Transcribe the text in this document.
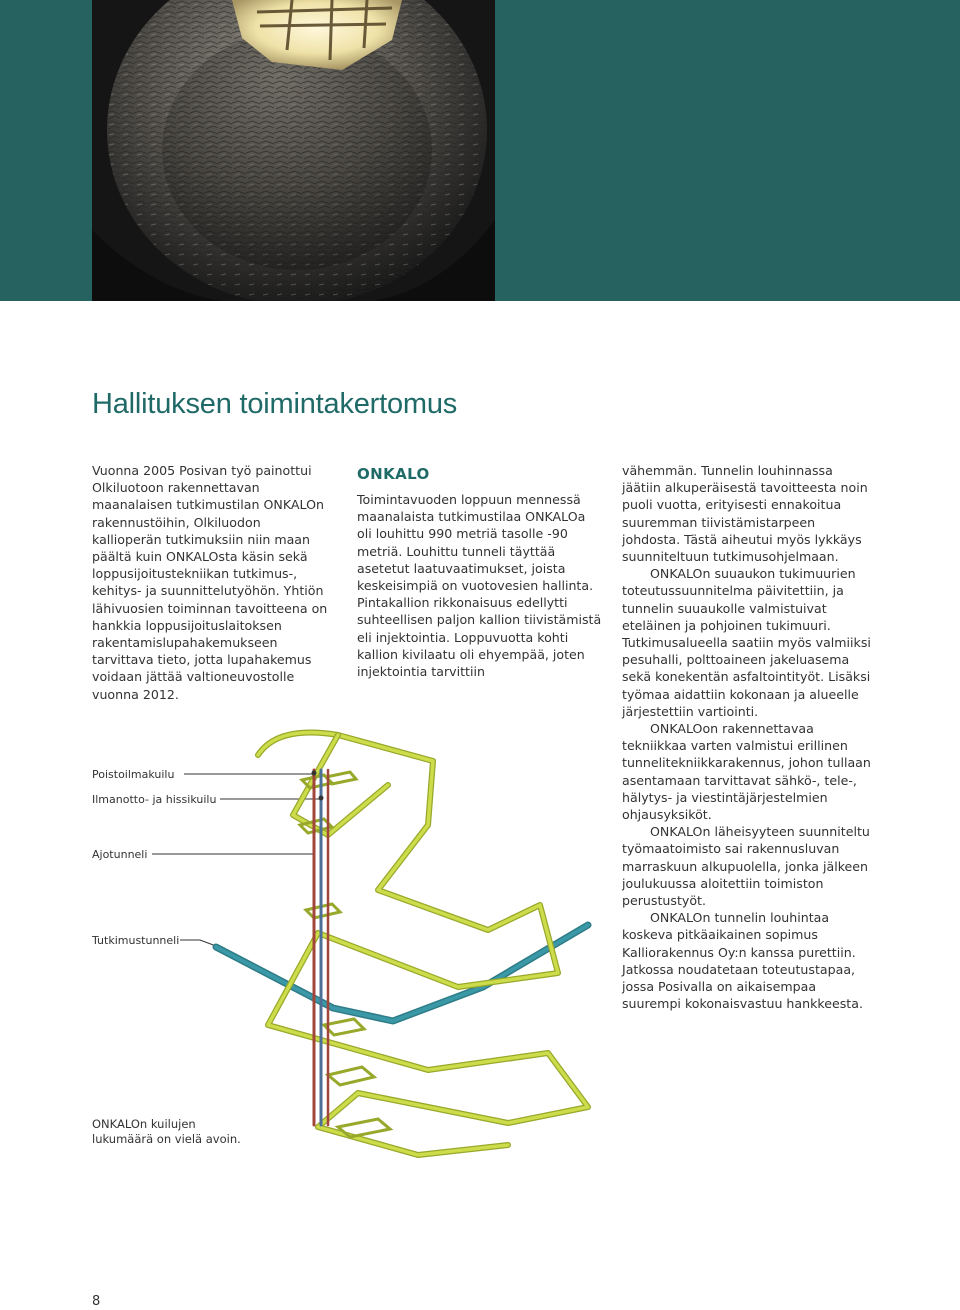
Hallituksen toimintakertomus

Vuonna 2005 Posivan työ painottui Olkiluotoon rakennettavan maanalaisen tutkimustilan ONKALOn rakennustöihin, Olkiluodon kallioperän tutkimuksiin niin maan päältä kuin ONKALOsta käsin sekä loppusijoitustekniikan tutkimus-, kehitys- ja suunnittelutyöhön. Yhtiön lähivuosien toiminnan tavoitteena on hankkia loppusijoituslaitoksen rakentamislupahakemukseen tarvittava tieto, jotta lupahakemus voidaan jättää valtioneuvostolle vuonna 2012.

ONKALO

Toimintavuoden loppuun mennessä maanalaista tutkimustilaa ONKALOa oli louhittu 990 metriä tasolle -90 metriä. Louhittu tunneli täyttää asetetut laatuvaatimukset, joista keskeisimpiä on vuotovesien hallinta. Pintakallion rikkonaisuus edellytti suhteellisen paljon kallion tiivistämistä eli injektointia. Loppuvuotta kohti kallion kivilaatu oli ehyempää, joten injektointia tarvittiin

vähemmän. Tunnelin louhinnassa jäätiin alkuperäisestä tavoitteesta noin puoli vuotta, erityisesti ennakoitua suuremman tiivistämistarpeen johdosta. Tästä aiheutui myös lykkäys suunniteltuun tutkimusohjelmaan.

ONKALOn suuaukon tukimuurien toteutussuunnitelma päivitettiin, ja tunnelin suuaukolle valmistuivat eteläinen ja pohjoinen tukimuuri. Tutkimusalueella saatiin myös valmiiksi pesuhalli, polttoaineen jakeluasema sekä konekentän asfaltointityöt. Lisäksi työmaa aidattiin kokonaan ja alueelle järjestettiin vartiointi.

ONKALOon rakennettavaa tekniikkaa varten valmistui erillinen tunnelitekniikkarakennus, johon tullaan asentamaan tarvittavat sähkö-, tele-, hälytys- ja viestintäjärjestelmien ohjausyksiköt.

ONKALOn läheisyyteen suunniteltu työmaatoimisto sai rakennusluvan marraskuun alkupuolella, jonka jälkeen joulukuussa aloitettiin toimiston perustustyöt.

ONKALOn tunnelin louhintaa koskeva pitkäaikainen sopimus Kalliorakennus Oy:n kanssa purettiin. Jatkossa noudatetaan toteutustapaa, jossa Posivalla on aikaisempaa suurempi kokonaisvastuu hankkeesta.

Poistoilmakuilu
Ilmanotto- ja hissikuilu
Ajotunneli
Tutkimustunneli
ONKALOn kuilujen lukumäärä on vielä avoin.
8
